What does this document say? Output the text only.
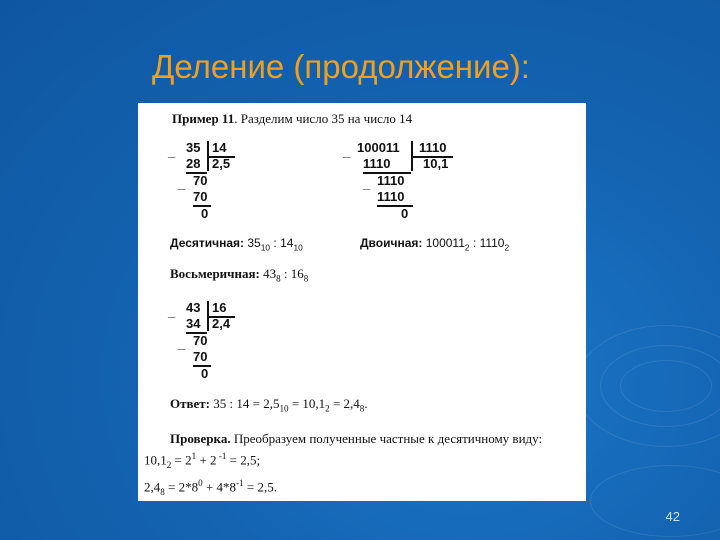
Деление (продолжение):
Пример 11. Разделим число 35 на число 14
_ 35 14
28 2,5
_ 70
70
0
_ 100011 1110
1110	10,1
_ 1110
1110
0
Десятичная: $35_{10}$ : $14_{10}$	Двоичная: $100011_2$ : $1110_2$
Восьмеричная: $43_8$ : $16_8$
_ 43 16
34 2,4
_ 70
70
0
Ответ: 35 : $14 = 2,5_{10} = 10,1_2 = 2,4_8$.
Проверка. Преобразуем полученные частные к десятичному виду:
$10,1_2 = 2^1 + 2$ $^{-1}$ = 2,5;
$2,4_8 = 2*8^0 + 4*8^{-1} = 2,5$.
42
